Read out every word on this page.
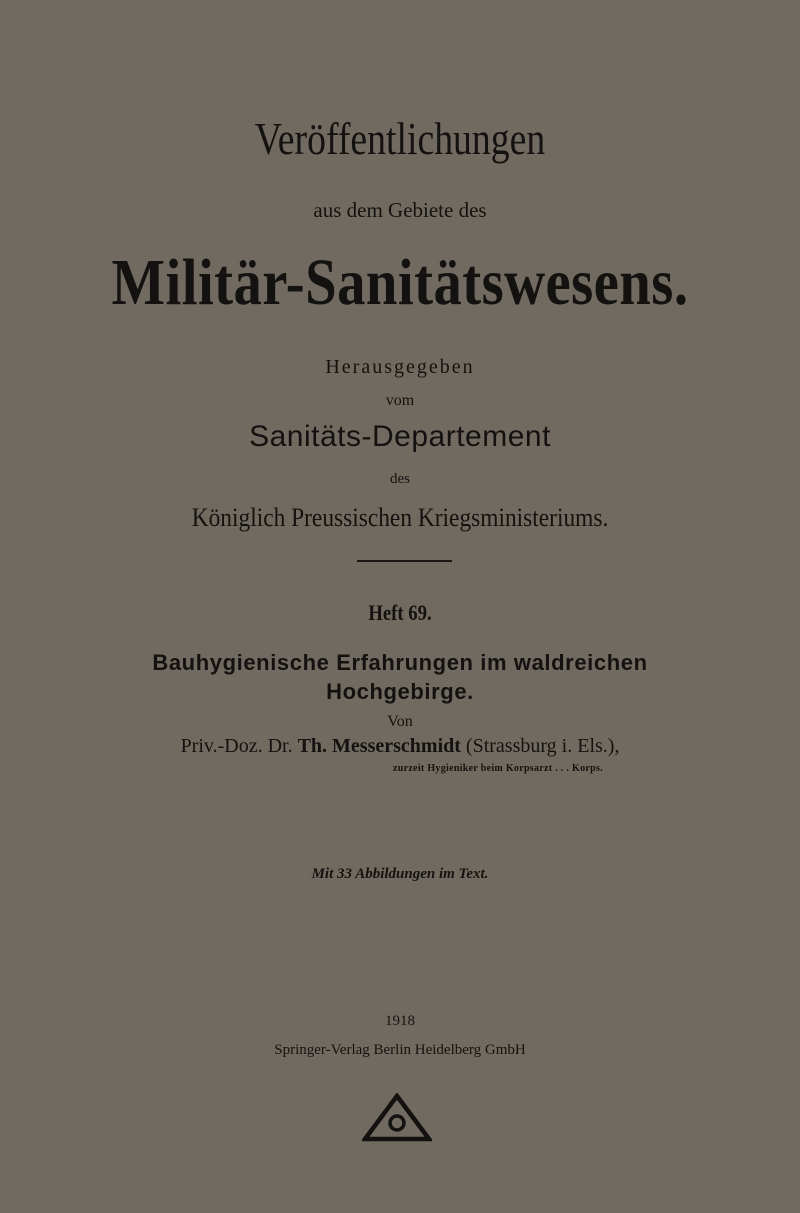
Veröffentlichungen

aus dem Gebiete des

Militär-Sanitätswesens.

Herausgegeben

vom

Sanitäts-Departement

des

Königlich Preussischen Kriegsministeriums.

Heft 69.

Bauhygienische Erfahrungen im waldreichen

Hochgebirge.

Von

Priv.-Doz. Dr. Th. Messerschmidt (Strassburg i. Els.),

zurzeit Hygieniker beim Korpsarzt . . . Korps.

Mit 33 Abbildungen im Text.

1918

Springer-Verlag Berlin Heidelberg GmbH
